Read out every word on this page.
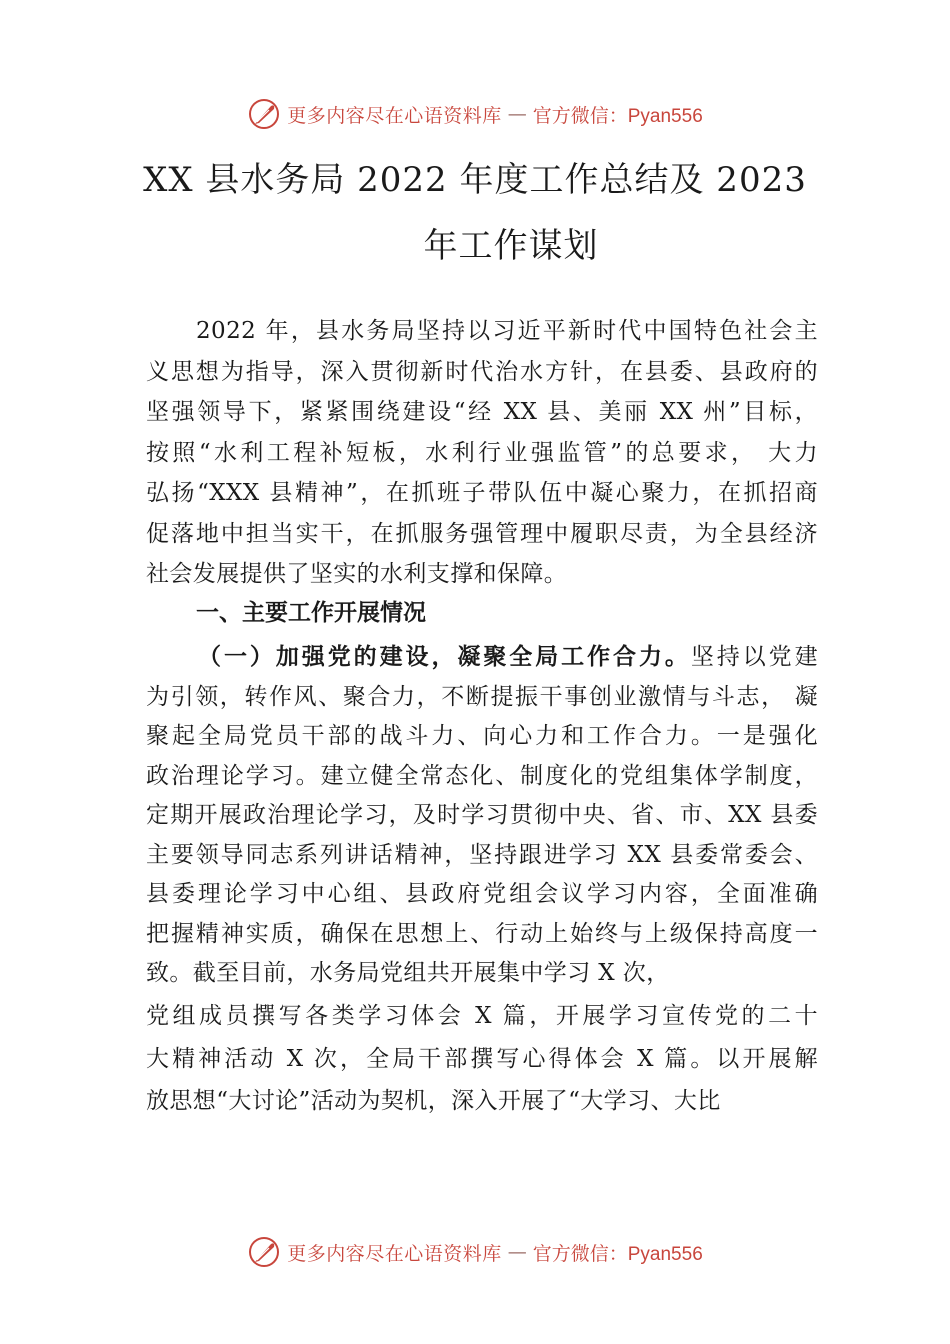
更多内容尽在心语资料库 — 官方微信：Pyan556
XX 县水务局 2022 年度工作总结及 2023
年工作谋划
2022 年，县水务局坚持以习近平新时代中国特色社会主
义思想为指导，深入贯彻新时代治水方针，在县委、县政府的
坚强领导下，紧紧围绕建设“经 XX 县、美丽 XX 州”目标，
按照“水利工程补短板，水利行业强监管”的总要求， 大力
弘扬“XXX 县精神”，在抓班子带队伍中凝心聚力，在抓招商
促落地中担当实干，在抓服务强管理中履职尽责，为全县经济
社会发展提供了坚实的水利支撑和保障。
一、主要工作开展情况
（一）加强党的建设，凝聚全局工作合力。坚持以党建
为引领，转作风、聚合力，不断提振干事创业激情与斗志， 凝
聚起全局党员干部的战斗力、向心力和工作合力。一是强化
政治理论学习。建立健全常态化、制度化的党组集体学制度，
定期开展政治理论学习，及时学习贯彻中央、省、市、XX 县委
主要领导同志系列讲话精神，坚持跟进学习 XX 县委常委会、
县委理论学习中心组、县政府党组会议学习内容，全面准确
把握精神实质，确保在思想上、行动上始终与上级保持高度一
致。截至目前，水务局党组共开展集中学习 X 次，
党组成员撰写各类学习体会 X 篇，开展学习宣传党的二十
大精神活动 X 次，全局干部撰写心得体会 X 篇。以开展解
放思想“大讨论”活动为契机，深入开展了“大学习、大比
更多内容尽在心语资料库 — 官方微信：Pyan556
